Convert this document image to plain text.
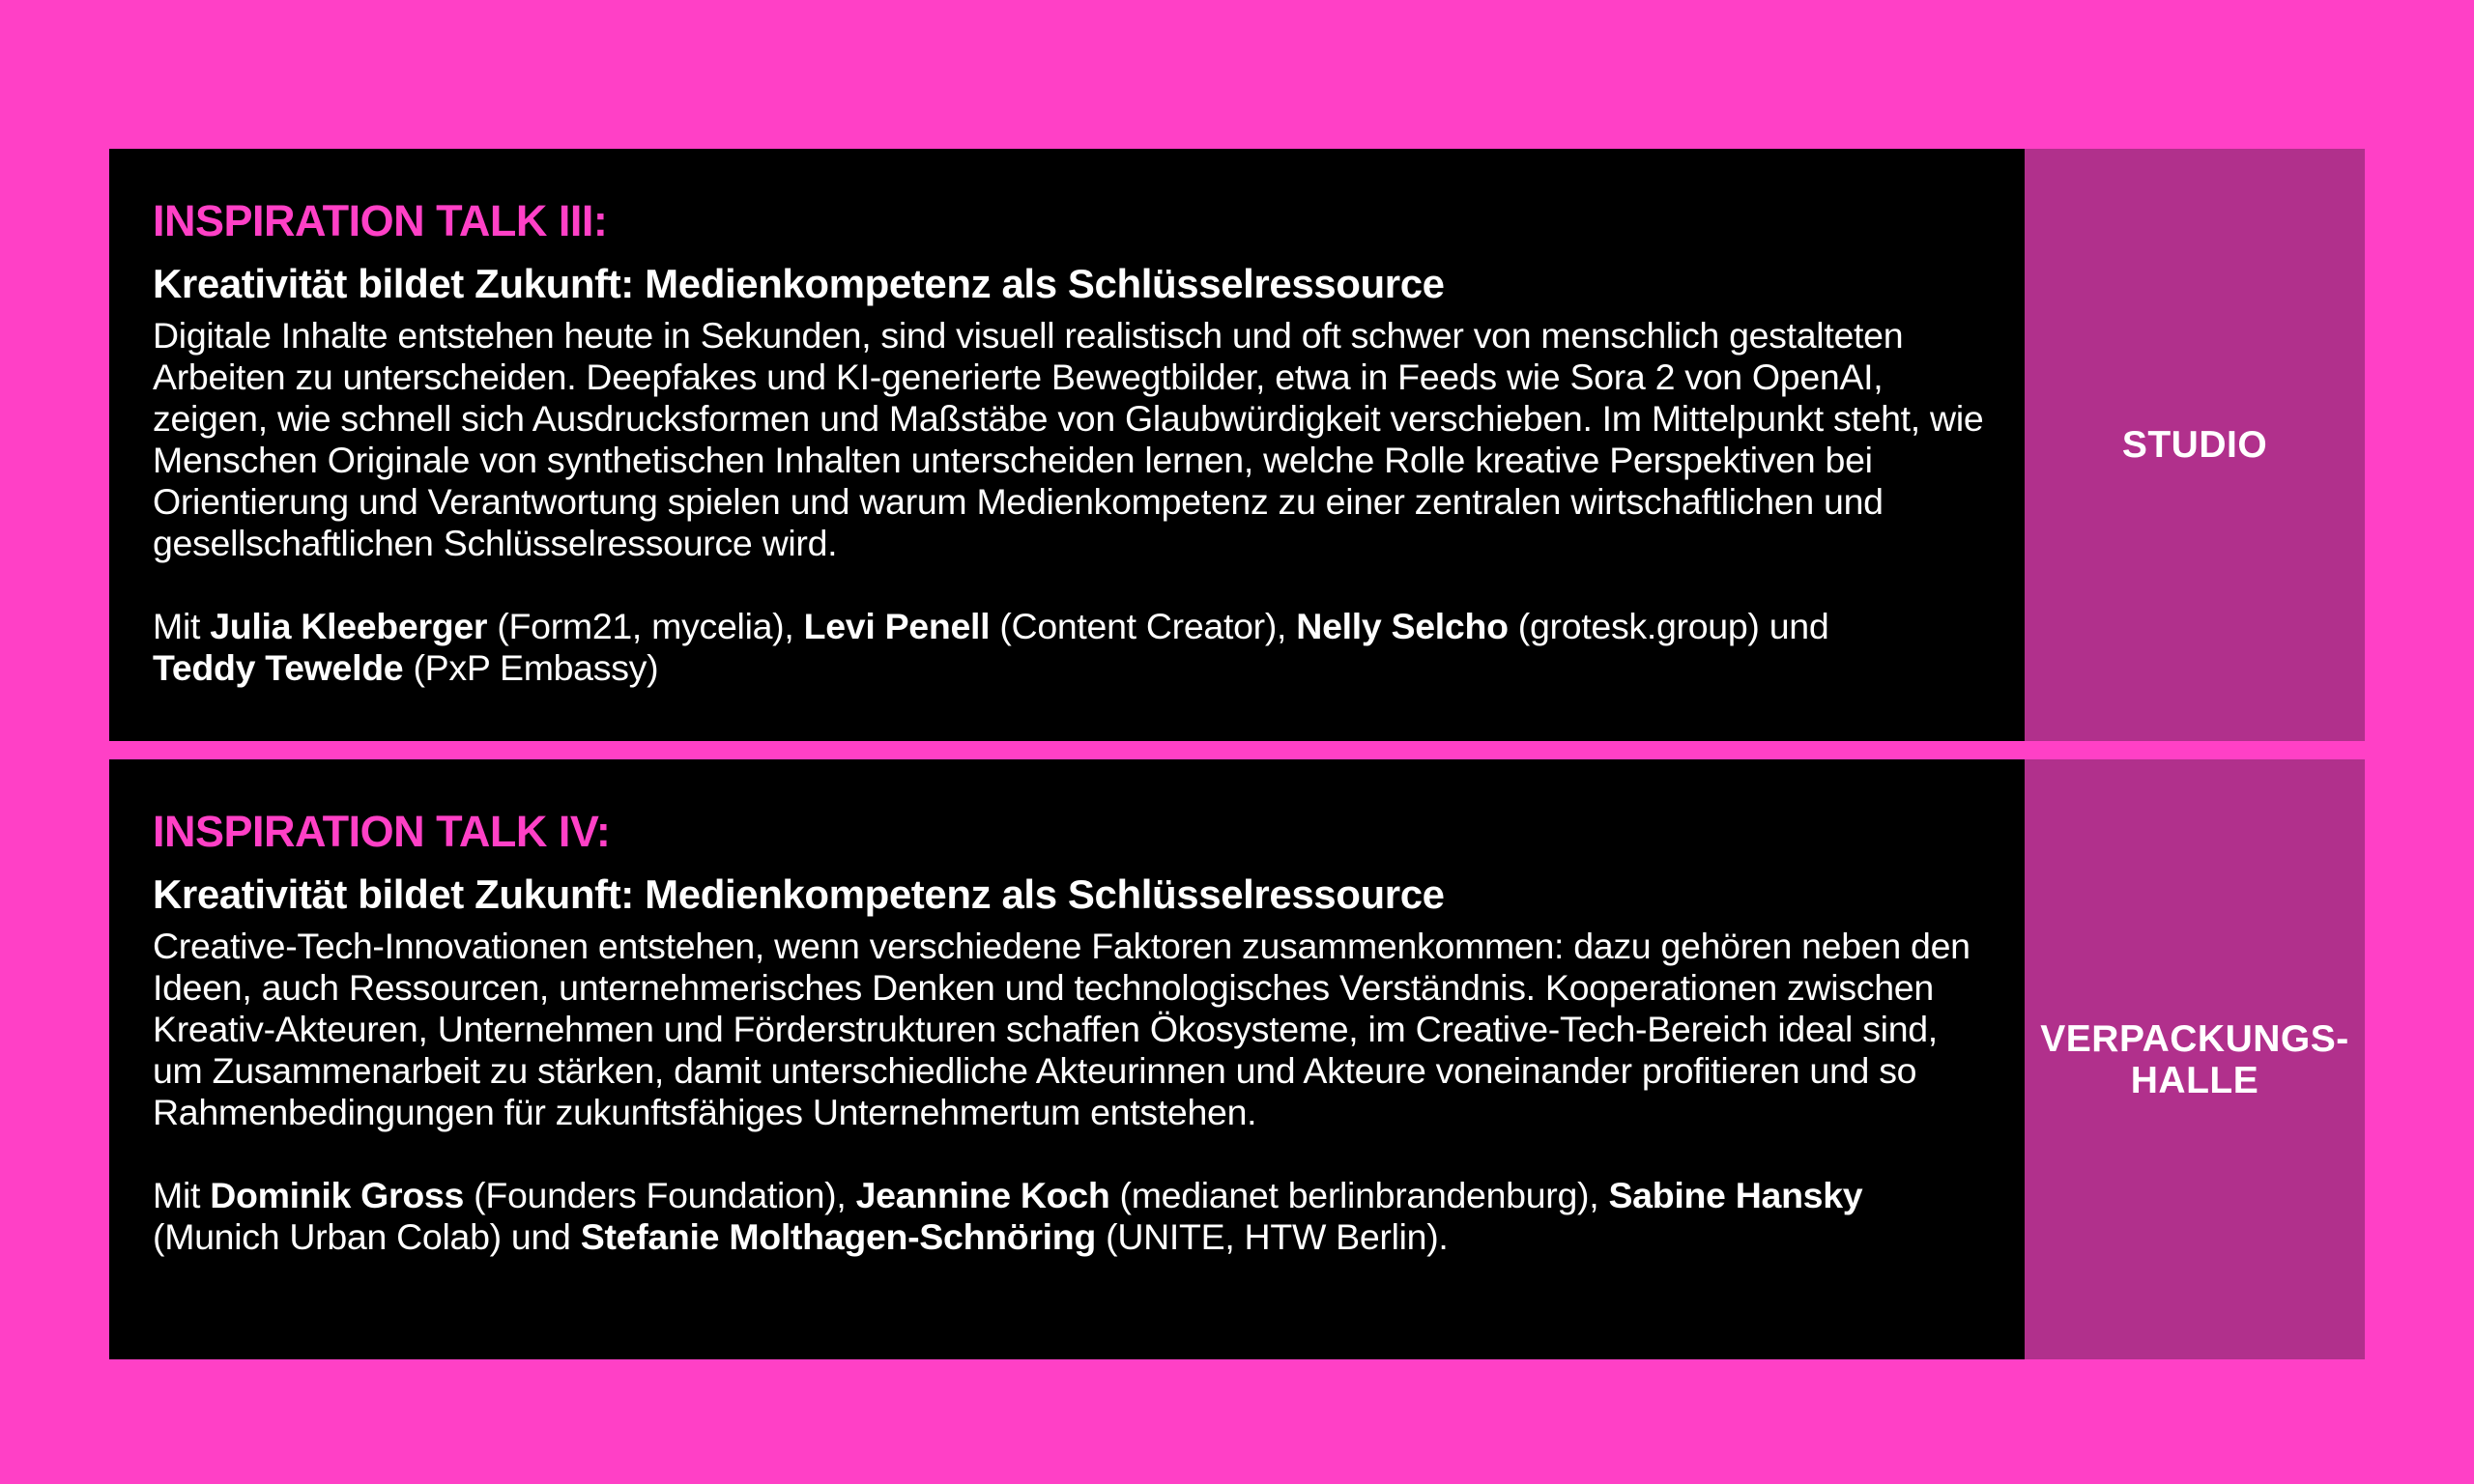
INSPIRATION TALK III:
Kreativität bildet Zukunft: Medienkompetenz als Schlüsselressource

Digitale Inhalte entstehen heute in Sekunden, sind visuell realistisch und oft schwer von menschlich gestalteten Arbeiten zu unterscheiden. Deepfakes und KI-generierte Bewegtbilder, etwa in Feeds wie Sora 2 von OpenAI, zeigen, wie schnell sich Ausdrucksformen und Maßstäbe von Glaubwürdigkeit verschieben. Im Mittelpunkt steht, wie Menschen Originale von synthetischen Inhalten unterscheiden lernen, welche Rolle kreative Perspektiven bei Orientierung und Verantwortung spielen und warum Medienkompetenz zu einer zentralen wirtschaftlichen und gesellschaftlichen Schlüsselressource wird.

Mit Julia Kleeberger (Form21, mycelia), Levi Penell (Content Creator), Nelly Selcho (grotesk.group) und
Teddy Tewelde (PxP Embassy)

STUDIO
INSPIRATION TALK IV:
Kreativität bildet Zukunft: Medienkompetenz als Schlüsselressource

Creative-Tech-Innovationen entstehen, wenn verschiedene Faktoren zusammenkommen: dazu gehören neben den Ideen, auch Ressourcen, unternehmerisches Denken und technologisches Verständnis. Kooperationen zwischen Kreativ-Akteuren, Unternehmen und Förderstrukturen schaffen Ökosysteme, im Creative-Tech-Bereich ideal sind, um Zusammenarbeit zu stärken, damit unterschiedliche Akteurinnen und Akteure voneinander profitieren und so Rahmenbedingungen für zukunftsfähiges Unternehmertum entstehen.

Mit Dominik Gross (Founders Foundation), Jeannine Koch (medianet berlinbrandenburg), Sabine Hansky
(Munich Urban Colab) und Stefanie Molthagen-Schnöring (UNITE, HTW Berlin).

VERPACKUNGS-
HALLE
